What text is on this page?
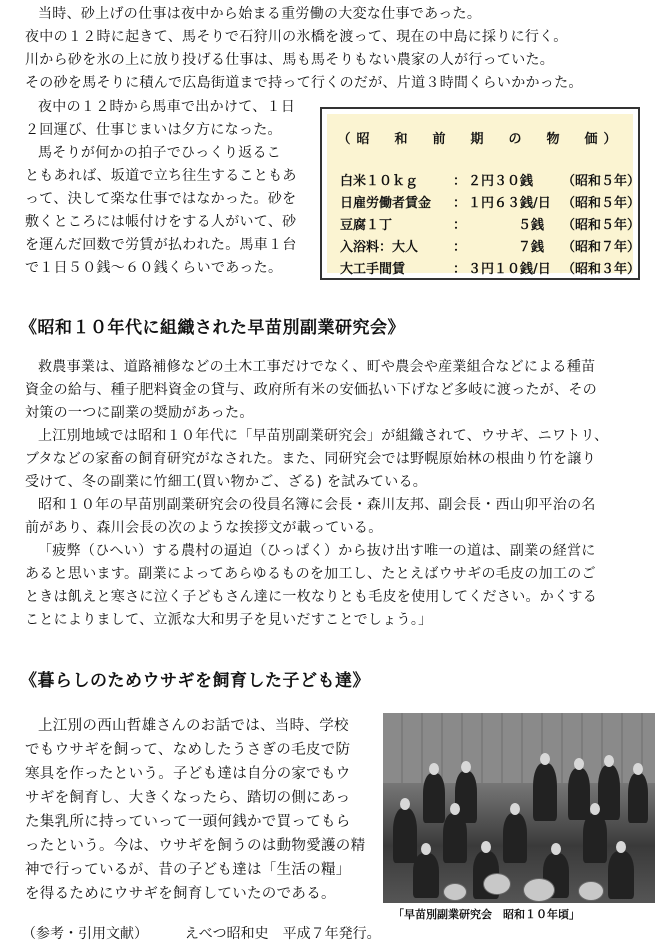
当時、砂上げの仕事は夜中から始まる重労働の大変な仕事であった。
夜中の１２時に起きて、馬そりで石狩川の氷橋を渡って、現在の中島に採りに行く。
川から砂を氷の上に放り投げる仕事は、馬も馬そりもない農家の人が行っていた。
その砂を馬そりに積んで広島街道まで持って行くのだが、片道３時間くらいかかった。
夜中の１２時から馬車で出かけて、１日
２回運び、仕事じまいは夕方になった。
馬そりが何かの拍子でひっくり返るこ
ともあれば、坂道で立ち往生することもあ
って、決して楽な仕事ではなかった。砂を
敷くところには帳付けをする人がいて、砂
を運んだ回数で労賃が払われた。馬車１台
で１日５０銭～６０銭くらいであった。
（昭　和　前　期　の　物　価）
白米１０ｋｇ	： ２円３０銭 （昭和５年）
日雇労働者賃金 ： １円６３銭/日 （昭和５年）
豆腐１丁	：	５銭 （昭和５年）
入浴料：大人	：	７銭 （昭和７年）
大工手間賃	： ３円１０銭/日 （昭和３年）
《昭和１０年代に組織された早苗別副業研究会》
救農事業は、道路補修などの土木工事だけでなく、町や農会や産業組合などによる種苗
資金の給与、種子肥料資金の貸与、政府所有米の安価払い下げなど多岐に渡ったが、その
対策の一つに副業の奨励があった。
上江別地域では昭和１０年代に「早苗別副業研究会」が組織されて、ウサギ、ニワトリ、
ブタなどの家畜の飼育研究がなされた。また、同研究会では野幌原始林の根曲り竹を譲り
受けて、冬の副業に竹細工(買い物かご、ざる) を試みている。
昭和１０年の早苗別副業研究会の役員名簿に会長・森川友邦、副会長・西山卯平治の名
前があり、森川会長の次のような挨拶文が載っている。
「疲弊（ひへい）する農村の逼迫（ひっぱく）から抜け出す唯一の道は、副業の経営に
あると思います。副業によってあらゆるものを加工し、たとえばウサギの毛皮の加工のご
ときは飢えと寒さに泣く子どもさん達に一枚なりとも毛皮を使用してください。かくする
ことによりまして、立派な大和男子を見いだすことでしょう。」
《暮らしのためウサギを飼育した子ども達》
上江別の西山哲雄さんのお話では、当時、学校
でもウサギを飼って、なめしたうさぎの毛皮で防
寒具を作ったという。子ども達は自分の家でもウ
サギを飼育し、大きくなったら、踏切の側にあっ
た集乳所に持っていって一頭何銭かで買ってもら
ったという。今は、ウサギを飼うのは動物愛護の精
神で行っているが、昔の子ども達は「生活の糧」
を得るためにウサギを飼育していたのである。
「早苗別副業研究会　昭和１０年頃」
（参考・引用文献）	えべつ昭和史　平成７年発行。
